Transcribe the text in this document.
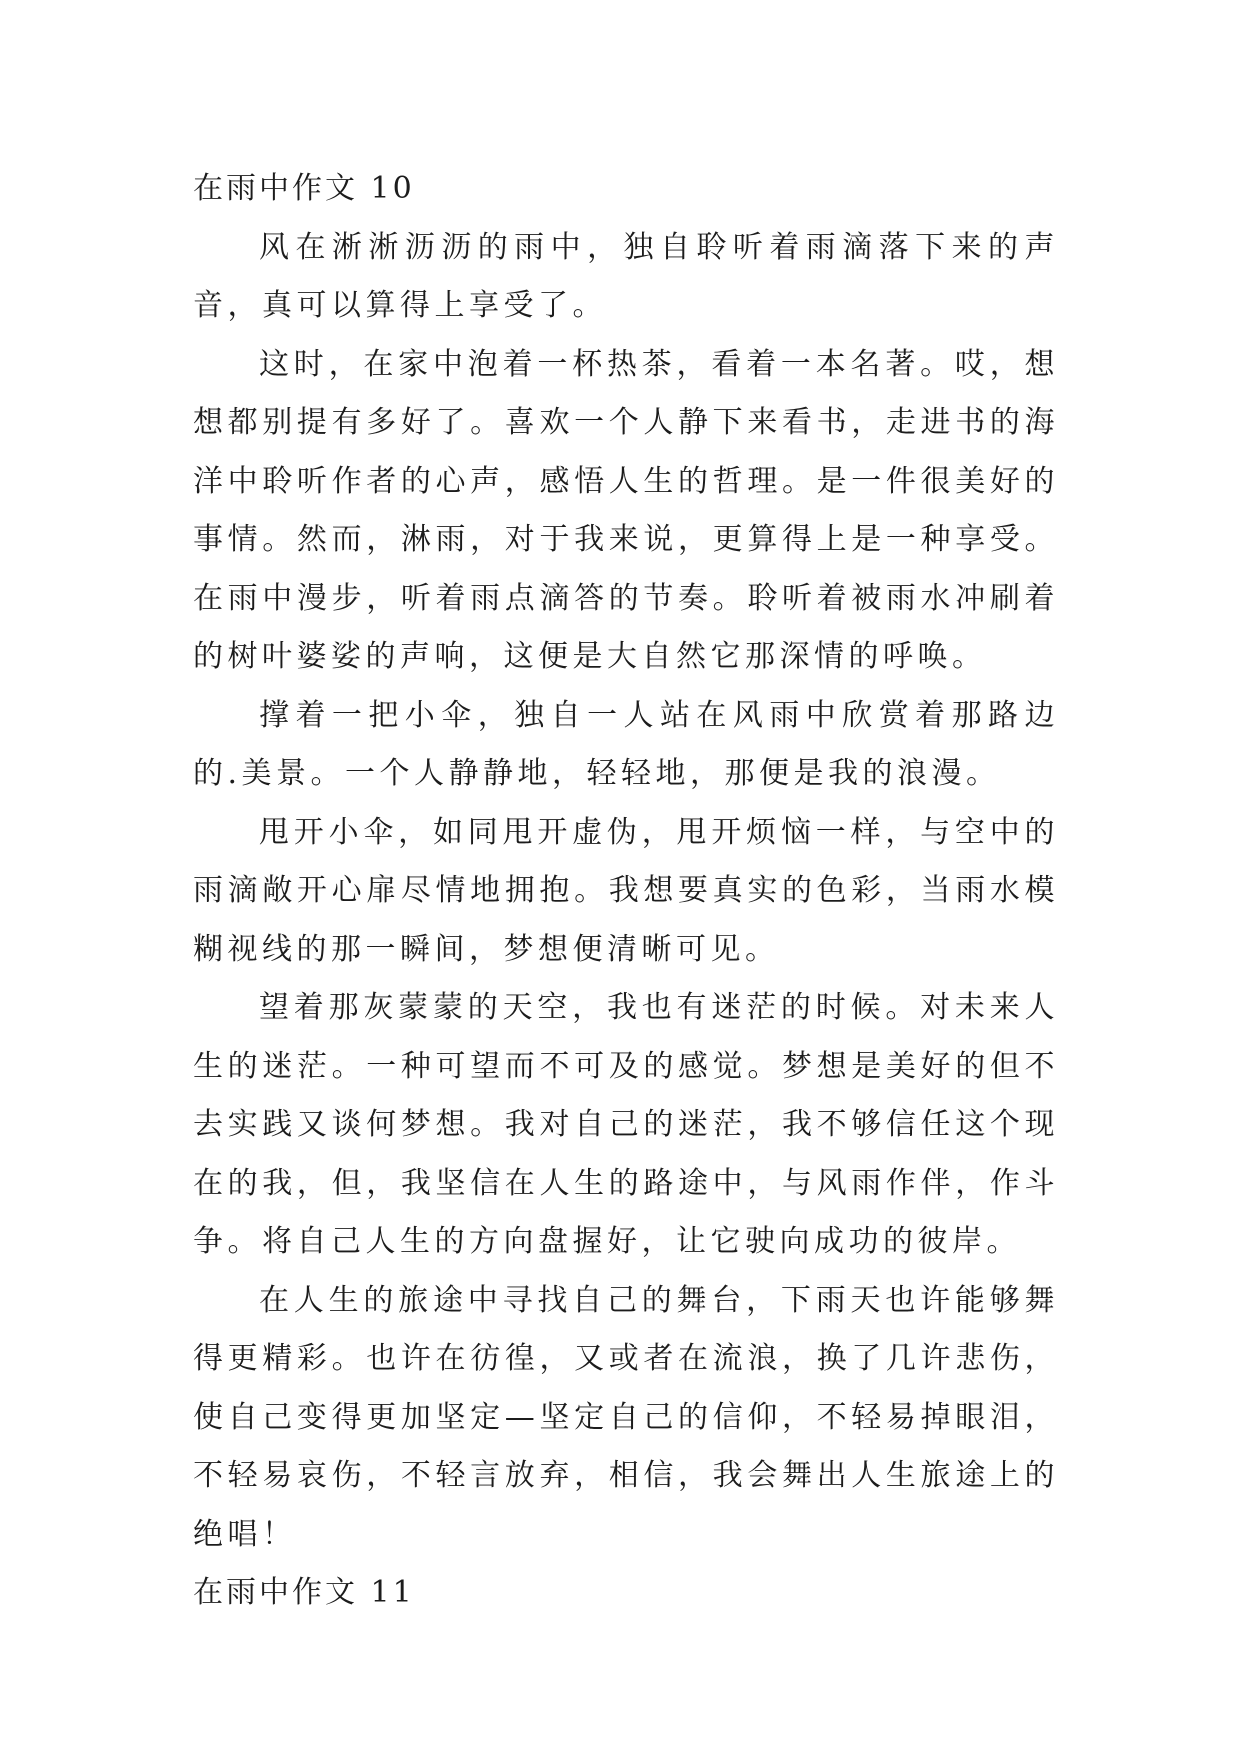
在雨中作文 10

风在淅淅沥沥的雨中，独自聆听着雨滴落下来的声音，真可以算得上享受了。

这时，在家中泡着一杯热茶，看着一本名著。哎，想想都别提有多好了。喜欢一个人静下来看书，走进书的海洋中聆听作者的心声，感悟人生的哲理。是一件很美好的事情。然而，淋雨，对于我来说，更算得上是一种享受。在雨中漫步，听着雨点滴答的节奏。聆听着被雨水冲刷着的树叶婆娑的声响，这便是大自然它那深情的呼唤。

撑着一把小伞，独自一人站在风雨中欣赏着那路边的.美景。一个人静静地，轻轻地，那便是我的浪漫。

甩开小伞，如同甩开虚伪，甩开烦恼一样，与空中的雨滴敞开心扉尽情地拥抱。我想要真实的色彩，当雨水模糊视线的那一瞬间，梦想便清晰可见。

望着那灰蒙蒙的天空，我也有迷茫的时候。对未来人生的迷茫。一种可望而不可及的感觉。梦想是美好的但不去实践又谈何梦想。我对自己的迷茫，我不够信任这个现在的我，但，我坚信在人生的路途中，与风雨作伴，作斗争。将自己人生的方向盘握好，让它驶向成功的彼岸。

在人生的旅途中寻找自己的舞台，下雨天也许能够舞得更精彩。也许在彷徨，又或者在流浪，换了几许悲伤，使自己变得更加坚定—坚定自己的信仰，不轻易掉眼泪，不轻易哀伤，不轻言放弃，相信，我会舞出人生旅途上的绝唱！

在雨中作文 11
